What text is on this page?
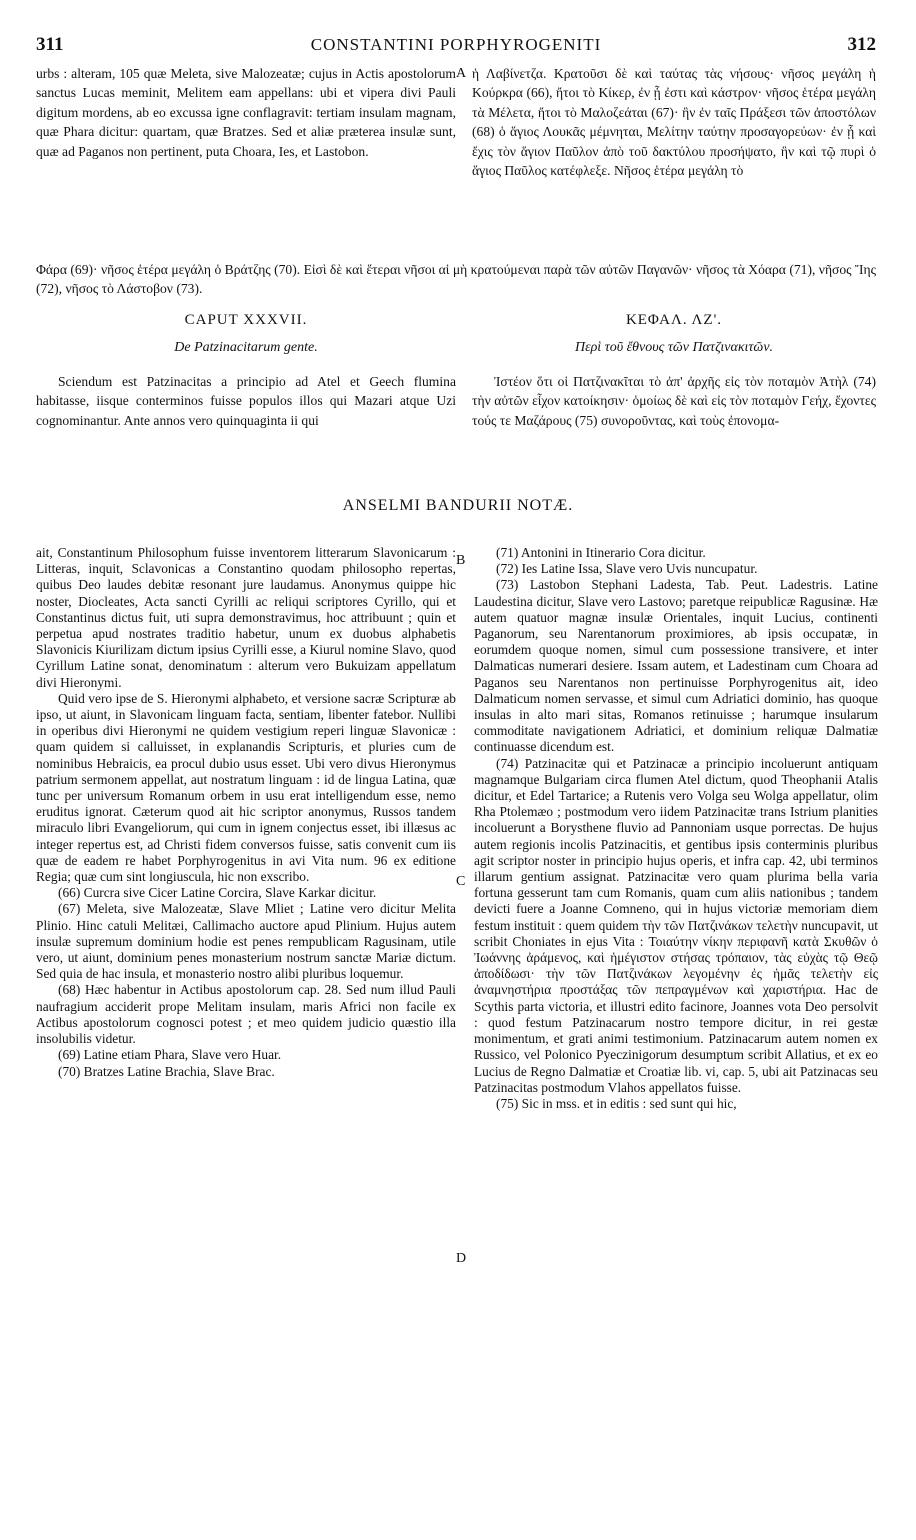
311	CONSTANTINI PORPHYROGENITI	312
A
B
C
D

urbs : alteram, 105 quæ Meleta, sive Malozeatæ; cujus in Actis apostolorum sanctus Lucas meminit, Melitem eam appellans: ubi et vipera divi Pauli digitum mordens, ab eo excussa igne conflagravit: tertiam insulam magnam, quæ Phara dicitur: quartam, quæ Bratzes. Sed et aliæ præterea insulæ sunt, quæ ad Paganos non pertinent, puta Choara, Ies, et Lastobon.

ἡ Λαβίνετζα. Κρατοῦσι δὲ καὶ ταύτας τὰς νήσους· νῆσος μεγάλη ἡ Κούρκρα (66), ἤτοι τὸ Κίκερ, ἐν ᾗ ἐστι καὶ κάστρον· νῆσος ἑτέρα μεγάλη τὰ Μέλετα, ἤτοι τὸ Μαλοζεάται (67)· ἣν ἐν ταῖς Πράξεσι τῶν ἀποστόλων (68) ὁ ἅγιος Λουκᾶς μέμνηται, Μελίτην ταύτην προσαγορεύων· ἐν ᾗ καὶ ἔχις τὸν ἅγιον Παῦλον ἀπὸ τοῦ δακτύλου προσήψατο, ἣν καὶ τῷ πυρὶ ὁ ἅγιος Παῦλος κατέφλεξε. Νῆσος ἑτέρα μεγάλη τὸ

Φάρα (69)· νῆσος ἑτέρα μεγάλη ὁ Βράτζης (70). Εἰσὶ δὲ καὶ ἕτεραι νῆσοι αἱ μὴ κρατούμεναι παρὰ τῶν αὐτῶν Παγανῶν· νῆσος τὰ Χόαρα (71), νῆσος Ἴης (72), νῆσος τὸ Λάστοβον (73).
CAPUT XXXVII.	ΚΕΦΑΛ. ΛΖ'.
De Patzinacitarum gente.	Περὶ τοῦ ἔθνους τῶν Πατζινακιτῶν.

Sciendum est Patzinacitas a principio ad Atel et Geech flumina habitasse, iisque conterminos fuisse populos illos qui Mazari atque Uzi cognominantur. Ante annos vero quinquaginta ii qui

Ἰστέον ὅτι οἱ Πατζινακῖται τὸ ἀπ' ἀρχῆς εἰς τὸν ποταμὸν Ἀτὴλ (74) τὴν αὐτῶν εἶχον κατοίκησιν· ὁμοίως δὲ καὶ εἰς τὸν ποταμὸν Γεήχ, ἔχοντες τούς τε Μαζάρους (75) συνοροῦντας, καὶ τοὺς ἐπονομα-

ANSELMI BANDURII NOTÆ.

ait, Constantinum Philosophum fuisse inventorem litterarum Slavonicarum : Litteras, inquit, Sclavonicas a Constantino quodam philosopho repertas, quibus Deo laudes debitæ resonant jure laudamus. Anonymus quippe hic noster, Diocleates, Acta sancti Cyrilli ac reliqui scriptores Cyrillo, qui et Constantinus dictus fuit, uti supra demonstravimus, hoc attribuunt ; quin et perpetua apud nostrates traditio habetur, unum ex duobus alphabetis Slavonicis Kiurilizam dictum ipsius Cyrilli esse, a Kiurul nomine Slavo, quod Cyrillum Latine sonat, denominatum : alterum vero Bukuizam appellatum divi Hieronymi.

Quid vero ipse de S. Hieronymi alphabeto, et versione sacræ Scripturæ ab ipso, ut aiunt, in Slavonicam linguam facta, sentiam, libenter fatebor. Nullibi in operibus divi Hieronymi ne quidem vestigium reperi linguæ Slavonicæ : quam quidem si calluisset, in explanandis Scripturis, et pluries cum de nominibus Hebraicis, ea procul dubio usus esset. Ubi vero divus Hieronymus patrium sermonem appellat, aut nostratum linguam : id de lingua Latina, quæ tunc per universum Romanum orbem in usu erat intelligendum esse, nemo eruditus ignorat. Cæterum quod ait hic scriptor anonymus, Russos tandem miraculo libri Evangeliorum, qui cum in ignem conjectus esset, ibi illæsus ac integer repertus est, ad Christi fidem conversos fuisse, satis convenit cum iis quæ de eadem re habet Porphyrogenitus in avi Vita num. 96 ex editione Regia; quæ cum sint longiuscula, hic non exscribo.

(66) Curcra sive Cicer Latine Corcira, Slave Karkar dicitur.

(67) Meleta, sive Malozeatæ, Slave Mliet ; Latine vero dicitur Melita Plinio. Hinc catuli Melitæi, Callimacho auctore apud Plinium. Hujus autem insulæ supremum dominium hodie est penes rempublicam Ragusinam, utile vero, ut aiunt, dominium penes monasterium nostrum sanctæ Mariæ dictum. Sed quia de hac insula, et monasterio nostro alibi pluribus loquemur.

(68) Hæc habentur in Actibus apostolorum cap. 28. Sed num illud Pauli naufragium acciderit prope Melitam insulam, maris Africi non facile ex Actibus apostolorum cognosci potest ; et meo quidem judicio quæstio illa insolubilis videtur.

(69) Latine etiam Phara, Slave vero Huar.

(70) Bratzes Latine Brachia, Slave Brac.

(71) Antonini in Itinerario Cora dicitur.

(72) Ies Latine Issa, Slave vero Uvis nuncupatur.

(73) Lastobon Stephani Ladesta, Tab. Peut. Ladestris. Latine Laudestina dicitur, Slave vero Lastovo; paretque reipublicæ Ragusinæ. Hæ autem quatuor magnæ insulæ Orientales, inquit Lucius, continenti Paganorum, seu Narentanorum proximiores, ab ipsis occupatæ, in eorumdem quoque nomen, simul cum possessione transivere, et inter Dalmaticas numerari desiere. Issam autem, et Ladestinam cum Choara ad Paganos seu Narentanos non pertinuisse Porphyrogenitus ait, ideo Dalmaticum nomen servasse, et simul cum Adriatici dominio, has quoque insulas in alto mari sitas, Romanos retinuisse ; harumque insularum commoditate navigationem Adriatici, et dominium reliquæ Dalmatiæ continuasse dicendum est.

(74) Patzinacitæ qui et Patzinacæ a principio incoluerunt antiquam magnamque Bulgariam circa flumen Atel dictum, quod Theophanii Atalis dicitur, et Edel Tartarice; a Rutenis vero Volga seu Wolga appellatur, olim Rha Ptolemæo ; postmodum vero iidem Patzinacitæ trans Istrium planities incoluerunt a Borysthene fluvio ad Pannoniam usque porrectas. De hujus autem regionis incolis Patzinacitis, et gentibus ipsis conterminis pluribus agit scriptor noster in principio hujus operis, et infra cap. 42, ubi terminos illarum gentium assignat. Patzinacitæ vero quam plurima bella varia fortuna gesserunt tam cum Romanis, quam cum aliis nationibus ; tandem devicti fuere a Joanne Comneno, qui in hujus victoriæ memoriam diem festum instituit : quem quidem τὴν τῶν Πατζινάκων τελετὴν nuncupavit, ut scribit Choniates in ejus Vita : Τοιαύτην νίκην περιφανῆ κατὰ Σκυθῶν ὁ Ἰωάννης ἀράμενος, καὶ ἡμέγιστον στήσας τρόπαιον, τὰς εὐχὰς τῷ Θεῷ ἀποδίδωσι· τὴν τῶν Πατζινάκων λεγομένην ἐς ἡμᾶς τελετὴν εἰς ἀναμνηστήρια προστάξας τῶν πεπραγμένων καὶ χαριστήρια. Hac de Scythis parta victoria, et illustri edito facinore, Joannes vota Deo persolvit : quod festum Patzinacarum nostro tempore dicitur, in rei gestæ monimentum, et grati animi testimonium. Patzinacarum autem nomen ex Russico, vel Polonico Pyeczinigorum desumptum scribit Allatius, et ex eo Lucius de Regno Dalmatiæ et Croatiæ lib. vi, cap. 5, ubi ait Patzinacas seu Patzinacitas postmodum Vlahos appellatos fuisse.

(75) Sic in mss. et in editis : sed sunt qui hic,
